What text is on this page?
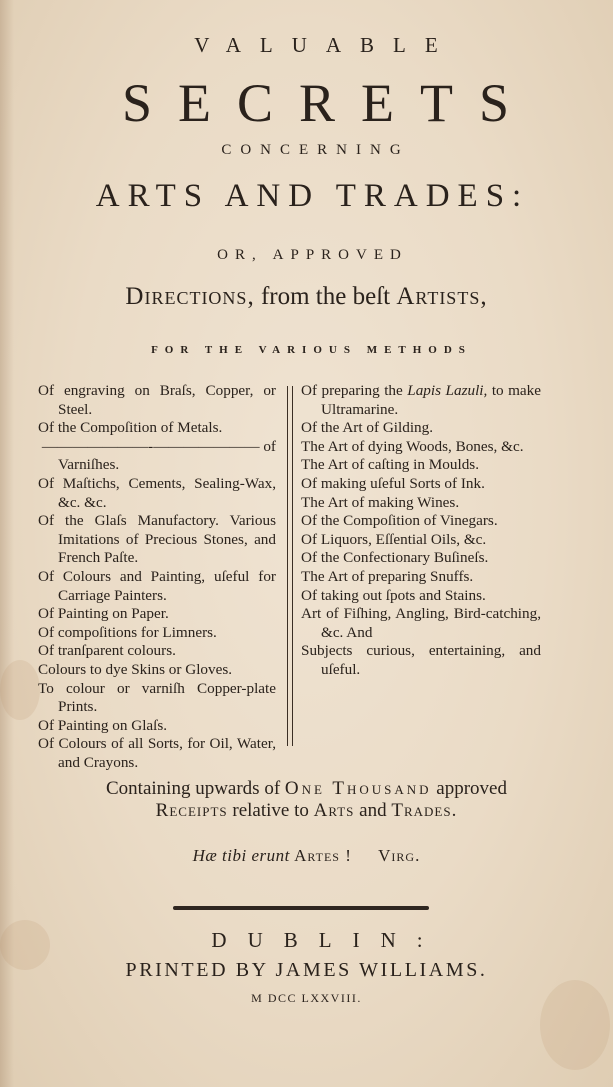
VALUABLE
SECRETS
CONCERNING
ARTS AND TRADES:
OR, APPROVED
Directions, from the beſt Artists,
FOR THE VARIOUS METHODS
Of engraving on Braſs, Copper, or Steel.
Of the Compoſition of Metals.
———————-——————— of Varniſhes.
Of Maſtichs, Cements, Sealing-Wax, &c. &c.
Of the Glaſs Manufactory. Various Imitations of Precious Stones, and French Paſte.
Of Colours and Painting, uſeful for Carriage Painters.
Of Painting on Paper.
Of compoſitions for Limners.
Of tranſparent colours.
Colours to dye Skins or Gloves.
To colour or varniſh Copper-plate Prints.
Of Painting on Glaſs.
Of Colours of all Sorts, for Oil, Water, and Crayons.
Of preparing the Lapis Lazuli, to make Ultramarine.
Of the Art of Gilding.
The Art of dying Woods, Bones, &c.
The Art of caſting in Moulds.
Of making uſeful Sorts of Ink.
The Art of making Wines.
Of the Compoſition of Vinegars.
Of Liquors, Eſſential Oils, &c.
Of the Confectionary Buſineſs.
The Art of preparing Snuffs.
Of taking out ſpots and Stains.
Art of Fiſhing, Angling, Bird-catching, &c. And
Subjects curious, entertaining, and uſeful.
Containing upwards of One Thousand approved
Receipts relative to Arts and Trades.
Hæ tibi erunt Artes ! Virg.
DUBLIN:
PRINTED BY JAMES WILLIAMS.
M DCC LXXVIII.
